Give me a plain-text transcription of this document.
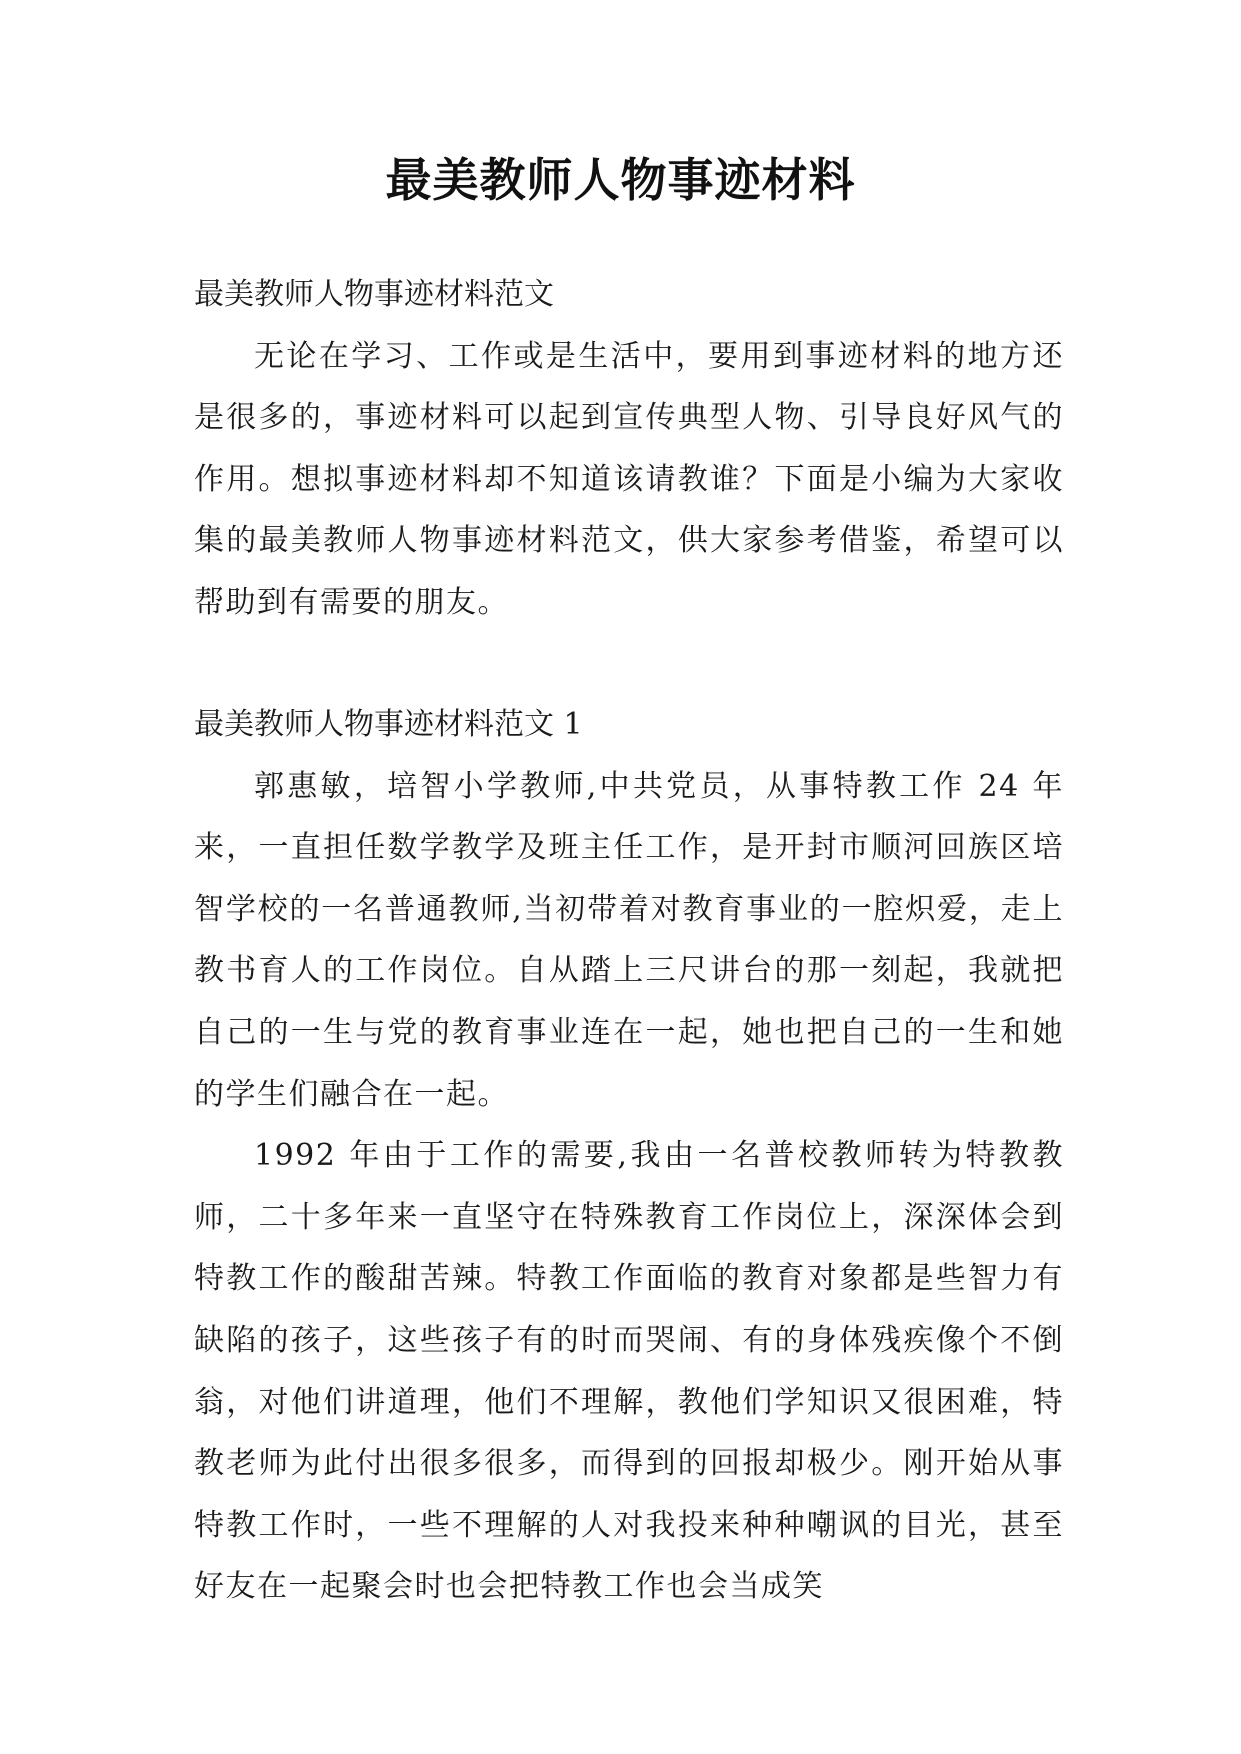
最美教师人物事迹材料

最美教师人物事迹材料范文

无论在学习、工作或是生活中，要用到事迹材料的地方还是很多的，事迹材料可以起到宣传典型人物、引导良好风气的作用。想拟事迹材料却不知道该请教谁？下面是小编为大家收集的最美教师人物事迹材料范文，供大家参考借鉴，希望可以帮助到有需要的朋友。

最美教师人物事迹材料范文 1

郭惠敏，培智小学教师,中共党员，从事特教工作 24 年来，一直担任数学教学及班主任工作，是开封市顺河回族区培智学校的一名普通教师,当初带着对教育事业的一腔炽爱，走上教书育人的工作岗位。自从踏上三尺讲台的那一刻起，我就把自己的一生与党的教育事业连在一起，她也把自己的一生和她的学生们融合在一起。

1992 年由于工作的需要,我由一名普校教师转为特教教师，二十多年来一直坚守在特殊教育工作岗位上，深深体会到特教工作的酸甜苦辣。特教工作面临的教育对象都是些智力有缺陷的孩子，这些孩子有的时而哭闹、有的身体残疾像个不倒翁，对他们讲道理，他们不理解，教他们学知识又很困难，特教老师为此付出很多很多，而得到的回报却极少。刚开始从事特教工作时，一些不理解的人对我投来种种嘲讽的目光，甚至好友在一起聚会时也会把特教工作也会当成笑
